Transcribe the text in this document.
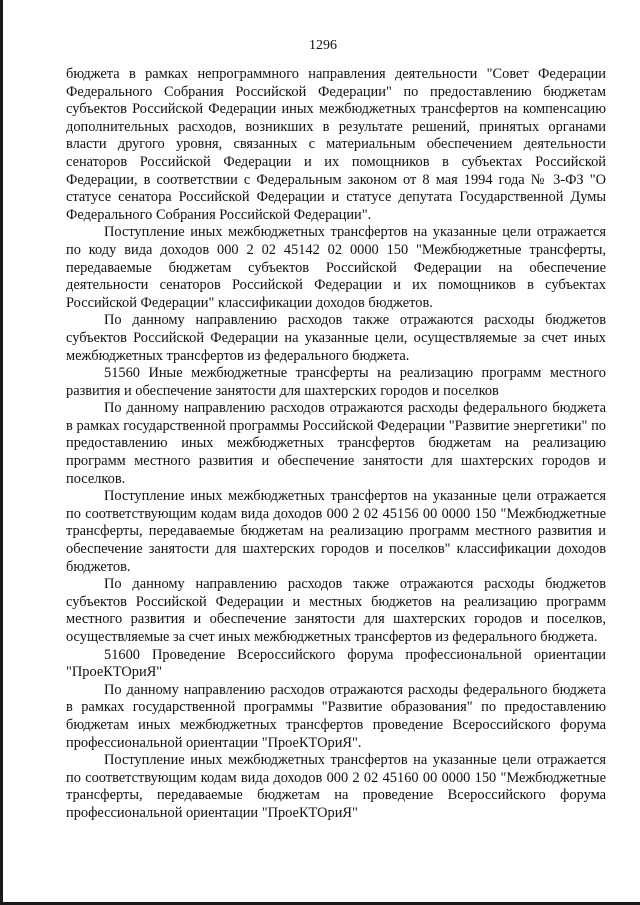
1296

бюджета в рамках непрограммного направления деятельности "Совет Федерации Федерального Собрания Российской Федерации" по предоставлению бюджетам субъектов Российской Федерации иных межбюджетных трансфертов на компенсацию дополнительных расходов, возникших в результате решений, принятых органами власти другого уровня, связанных с материальным обеспечением деятельности сенаторов Российской Федерации и их помощников в субъектах Российской Федерации, в соответствии с Федеральным законом от 8 мая 1994 года № 3-ФЗ "О статусе сенатора Российской Федерации и статусе депутата Государственной Думы Федерального Собрания Российской Федерации".

Поступление иных межбюджетных трансфертов на указанные цели отражается по коду вида доходов 000 2 02 45142 02 0000 150 "Межбюджетные трансферты, передаваемые бюджетам субъектов Российской Федерации на обеспечение деятельности сенаторов Российской Федерации и их помощников в субъектах Российской Федерации" классификации доходов бюджетов.

По данному направлению расходов также отражаются расходы бюджетов субъектов Российской Федерации на указанные цели, осуществляемые за счет иных межбюджетных трансфертов из федерального бюджета.

51560 Иные межбюджетные трансферты на реализацию программ местного развития и обеспечение занятости для шахтерских городов и поселков

По данному направлению расходов отражаются расходы федерального бюджета в рамках государственной программы Российской Федерации "Развитие энергетики" по предоставлению иных межбюджетных трансфертов бюджетам на реализацию программ местного развития и обеспечение занятости для шахтерских городов и поселков.

Поступление иных межбюджетных трансфертов на указанные цели отражается по соответствующим кодам вида доходов 000 2 02 45156 00 0000 150 "Межбюджетные трансферты, передаваемые бюджетам на реализацию программ местного развития и обеспечение занятости для шахтерских городов и поселков" классификации доходов бюджетов.

По данному направлению расходов также отражаются расходы бюджетов субъектов Российской Федерации и местных бюджетов на реализацию программ местного развития и обеспечение занятости для шахтерских городов и поселков, осуществляемые за счет иных межбюджетных трансфертов из федерального бюджета.

51600 Проведение Всероссийского форума профессиональной ориентации "ПроеКТОриЯ"

По данному направлению расходов отражаются расходы федерального бюджета в рамках государственной программы "Развитие образования" по предоставлению бюджетам иных межбюджетных трансфертов проведение Всероссийского форума профессиональной ориентации "ПроеКТОриЯ".

Поступление иных межбюджетных трансфертов на указанные цели отражается по соответствующим кодам вида доходов 000 2 02 45160 00 0000 150 "Межбюджетные трансферты, передаваемые бюджетам на проведение Всероссийского форума профессиональной ориентации "ПроеКТОриЯ"
